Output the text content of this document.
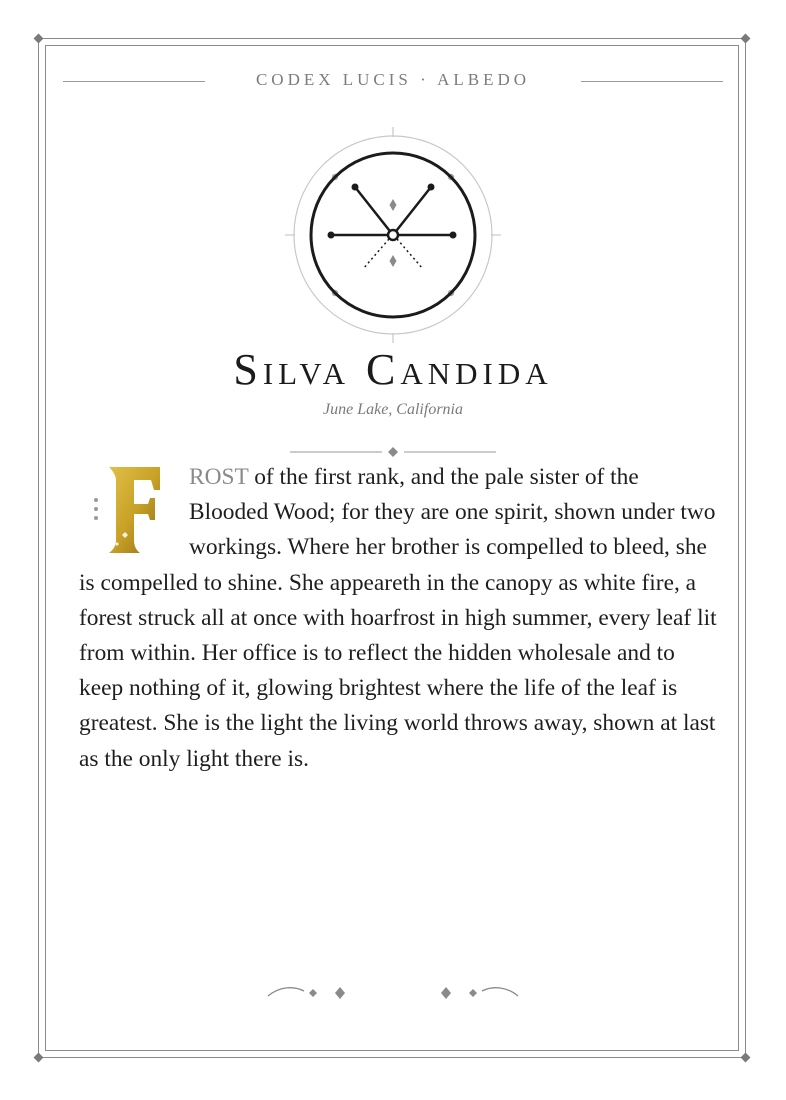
CODEX LUCIS · ALBEDO
Silva Candida
June Lake, California
ROST of the first rank, and the pale sister of the Blooded Wood; for they are one spirit, shown under two workings. Where her brother is compelled to bleed, she is compelled to shine. She appeareth in the canopy as white fire, a forest struck all at once with hoarfrost in high summer, every leaf lit from within. Her office is to reflect the hidden wholesale and to keep nothing of it, glowing brightest where the life of the leaf is greatest. She is the light the living world throws away, shown at last as the only light there is.
